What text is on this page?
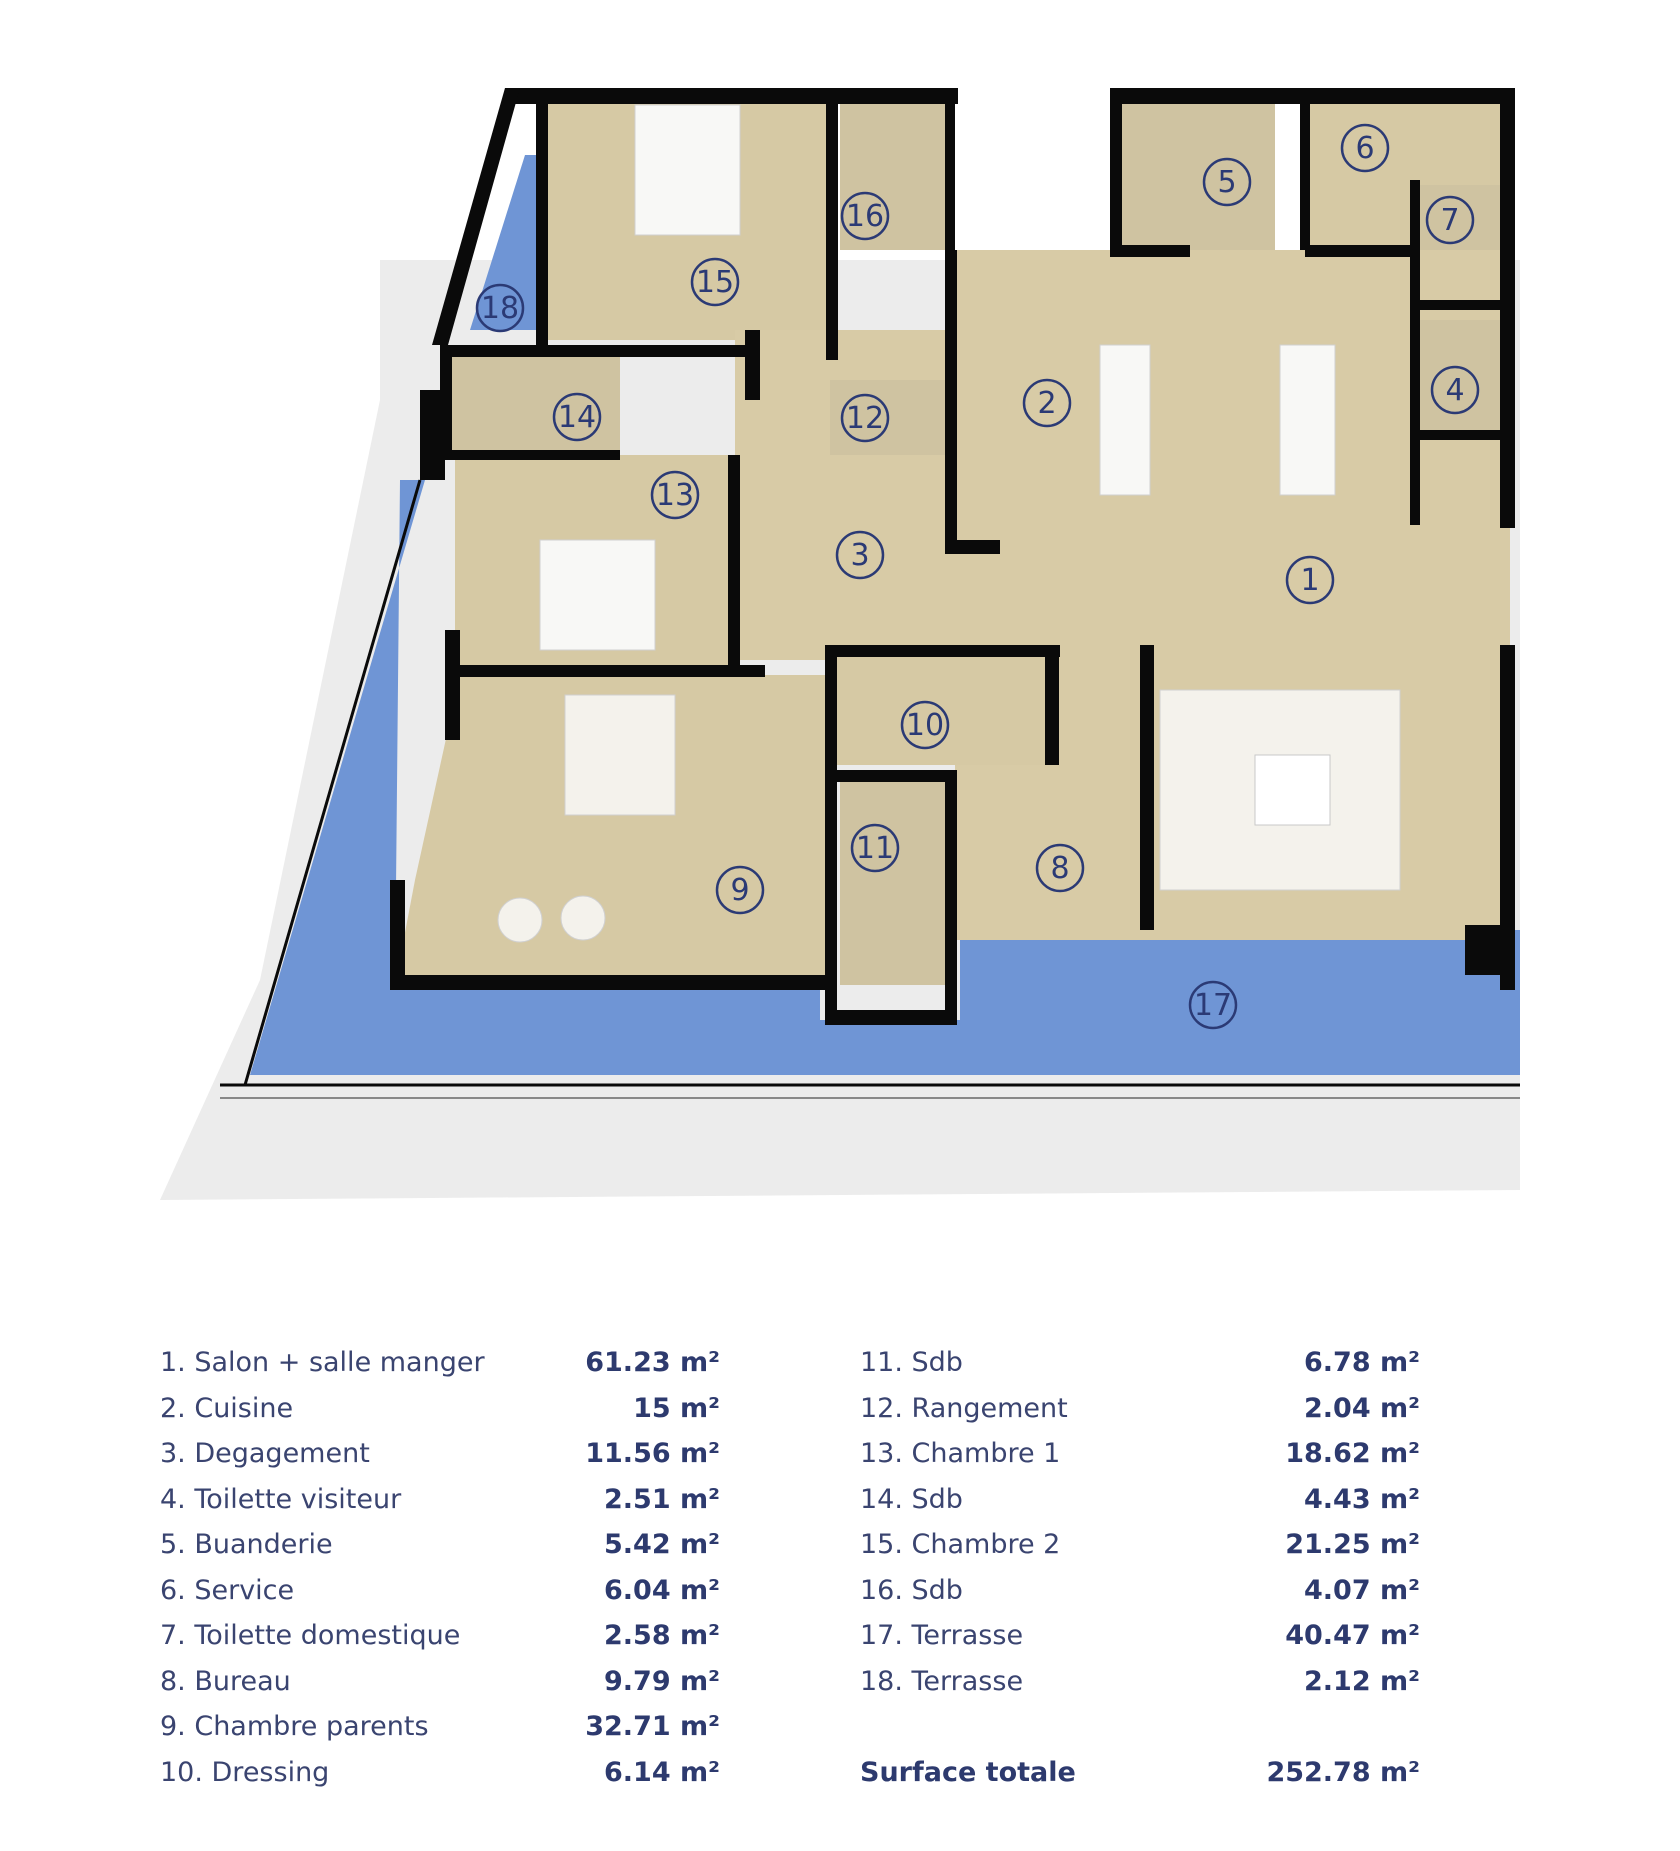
1
2
3
4
5
6
7
8
9
10
11
12
13
14
15
16
17
18
1. Salon + salle manger	61.23 m²
2. Cuisine	15 m²
3. Degagement	11.56 m²
4. Toilette visiteur	2.51 m²
5. Buanderie	5.42 m²
6. Service	6.04 m²
7. Toilette domestique	2.58 m²
8. Bureau	9.79 m²
9. Chambre parents	32.71 m²
10. Dressing	6.14 m²
11. Sdb	6.78 m²
12. Rangement	2.04 m²
13. Chambre 1	18.62 m²
14. Sdb	4.43 m²
15. Chambre 2	21.25 m²
16. Sdb	4.07 m²
17. Terrasse	40.47 m²
18. Terrasse	2.12 m²
Surface totale	252.78 m²
